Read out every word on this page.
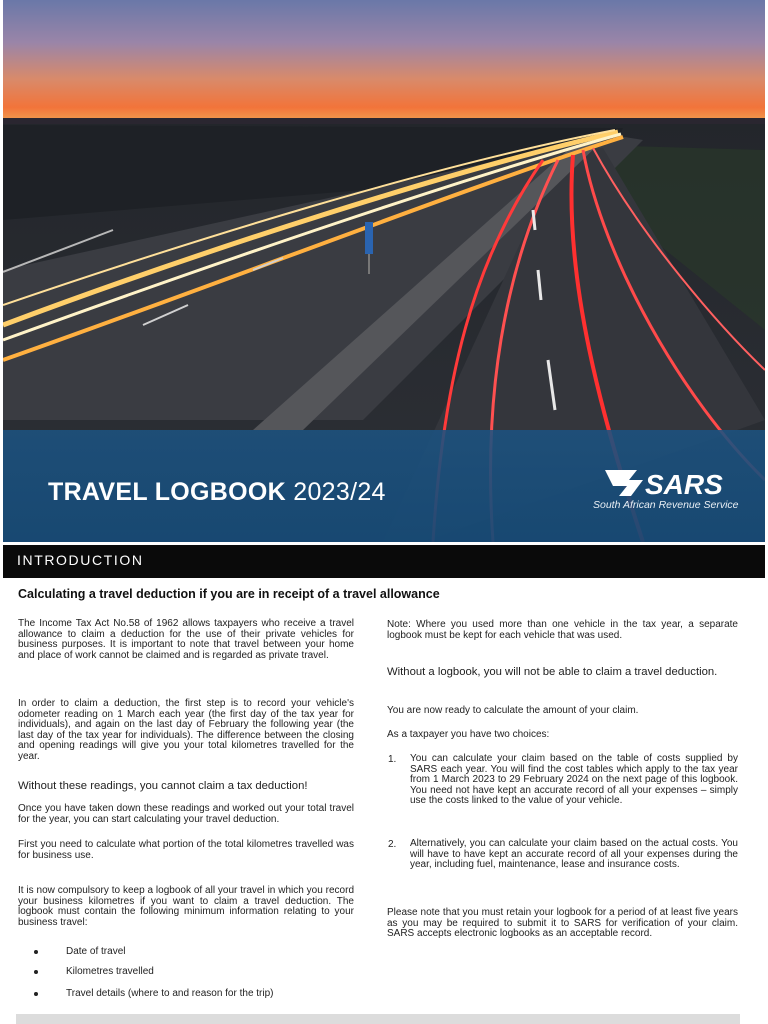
TRAVEL LOGBOOK 2023/24	SARS
South African Revenue Service
INTRODUCTION
Calculating a travel deduction if you are in receipt of a travel allowance
The Income Tax Act No.58 of 1962 allows taxpayers who receive a travel allowance to claim a deduction for the use of their private vehicles for business purposes. It is important to note that travel between your home and place of work cannot be claimed and is regarded as private travel.
In order to claim a deduction, the first step is to record your vehicle's odometer reading on 1 March each year (the first day of the tax year for individuals), and again on the last day of February the following year (the last day of the tax year for individuals). The difference between the closing and opening readings will give you your total kilometres travelled for the year.
Without these readings, you cannot claim a tax deduction!
Once you have taken down these readings and worked out your total travel for the year, you can start calculating your travel deduction.
First you need to calculate what portion of the total kilometres travelled was for business use.
It is now compulsory to keep a logbook of all your travel in which you record your business kilometres if you want to claim a travel deduction. The logbook must contain the following minimum information relating to your business travel:
Date of travel
Kilometres travelled
Travel details (where to and reason for the trip)
Note: Where you used more than one vehicle in the tax year, a separate logbook must be kept for each vehicle that was used.
Without a logbook, you will not be able to claim a travel deduction.
You are now ready to calculate the amount of your claim.
As a taxpayer you have two choices:
1. You can calculate your claim based on the table of costs supplied by SARS each year. You will find the cost tables which apply to the tax year from 1 March 2023 to 29 February 2024 on the next page of this logbook. You need not have kept an accurate record of all your expenses – simply use the costs linked to the value of your vehicle.
2. Alternatively, you can calculate your claim based on the actual costs. You will have to have kept an accurate record of all your expenses during the year, including fuel, maintenance, lease and insurance costs.
Please note that you must retain your logbook for a period of at least five years as you may be required to submit it to SARS for verification of your claim. SARS accepts electronic logbooks as an acceptable record.
